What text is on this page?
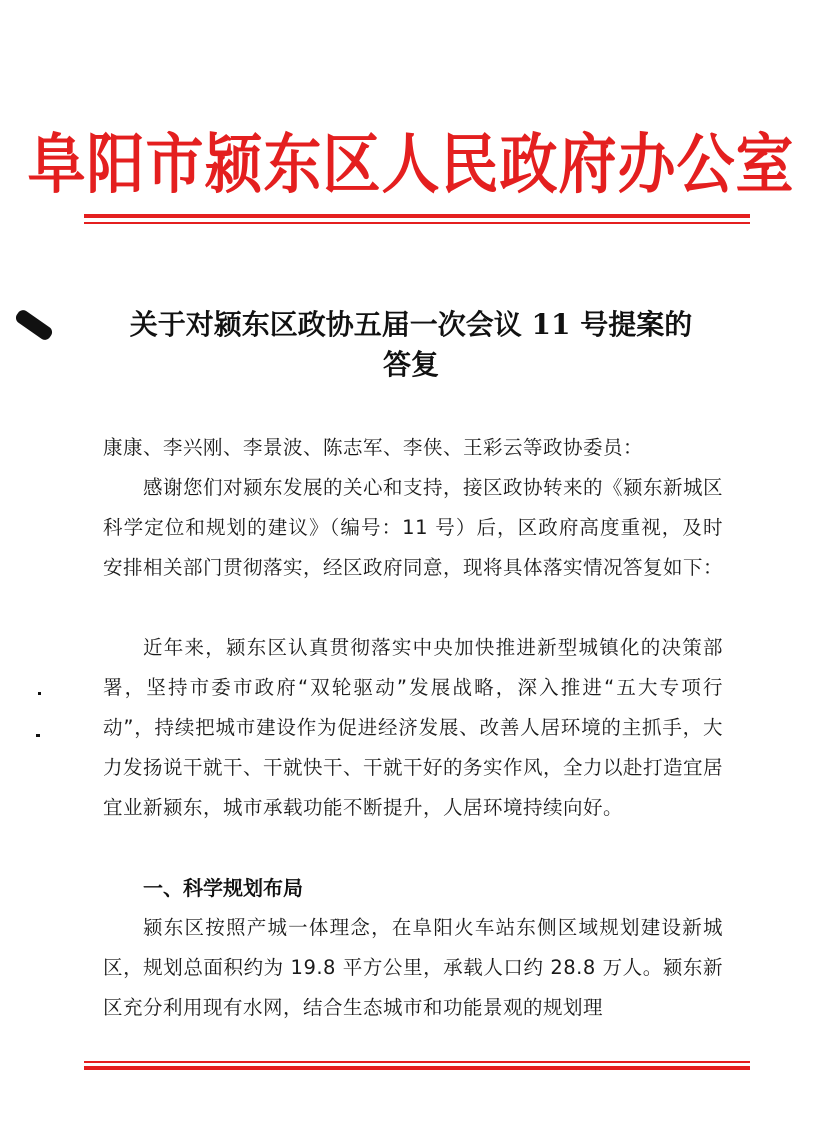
阜阳市颍东区人民政府办公室
关于对颍东区政协五届一次会议 11 号提案的
答复
康康、李兴刚、李景波、陈志军、李侠、王彩云等政协委员：
感谢您们对颍东发展的关心和支持，接区政协转来的《颍东新城区科学定位和规划的建议》（编号：11 号）后，区政府高度重视，及时安排相关部门贯彻落实，经区政府同意，现将具体落实情况答复如下：
近年来，颍东区认真贯彻落实中央加快推进新型城镇化的决策部署，坚持市委市政府“双轮驱动”发展战略，深入推进“五大专项行动”，持续把城市建设作为促进经济发展、改善人居环境的主抓手，大力发扬说干就干、干就快干、干就干好的务实作风，全力以赴打造宜居宜业新颍东，城市承载功能不断提升，人居环境持续向好。
一、科学规划布局
颍东区按照产城一体理念，在阜阳火车站东侧区域规划建设新城区，规划总面积约为 19.8 平方公里，承载人口约 28.8 万人。颍东新区充分利用现有水网，结合生态城市和功能景观的规划理
